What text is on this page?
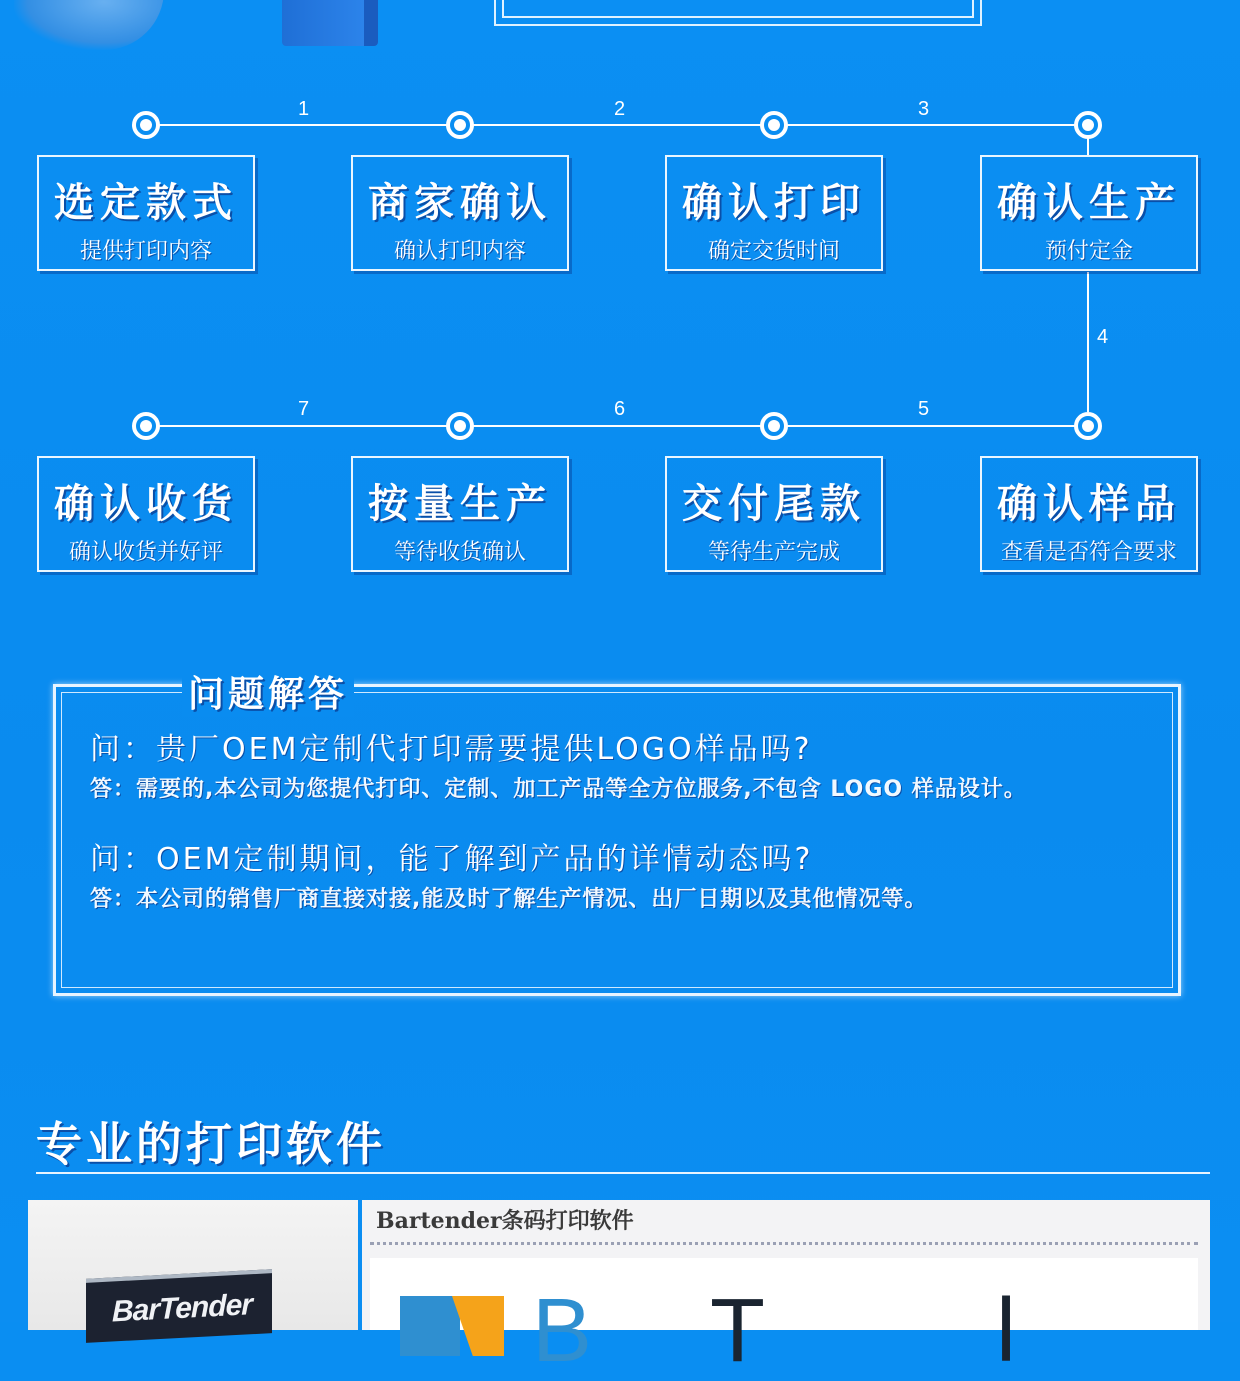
1	2	3
4
5
6
7
选定款式
提供打印内容
商家确认
确认打印内容
确认打印
确定交货时间
确认生产
预付定金
确认样品
查看是否符合要求
交付尾款
等待生产完成
按量生产
等待收货确认
确认收货
确认收货并好评
问题解答
问：贵厂OEM定制代打印需要提供LOGO样品吗?
答：需要的,本公司为您提代打印、定制、加工产品等全方位服务,不包含 LOGO 样品设计。
问：OEM定制期间，能了解到产品的详情动态吗?
答：本公司的销售厂商直接对接,能及时了解生产情况、出厂日期以及其他情况等。
专业的打印软件
BarTender
Bartender条码打印软件
B T	l
